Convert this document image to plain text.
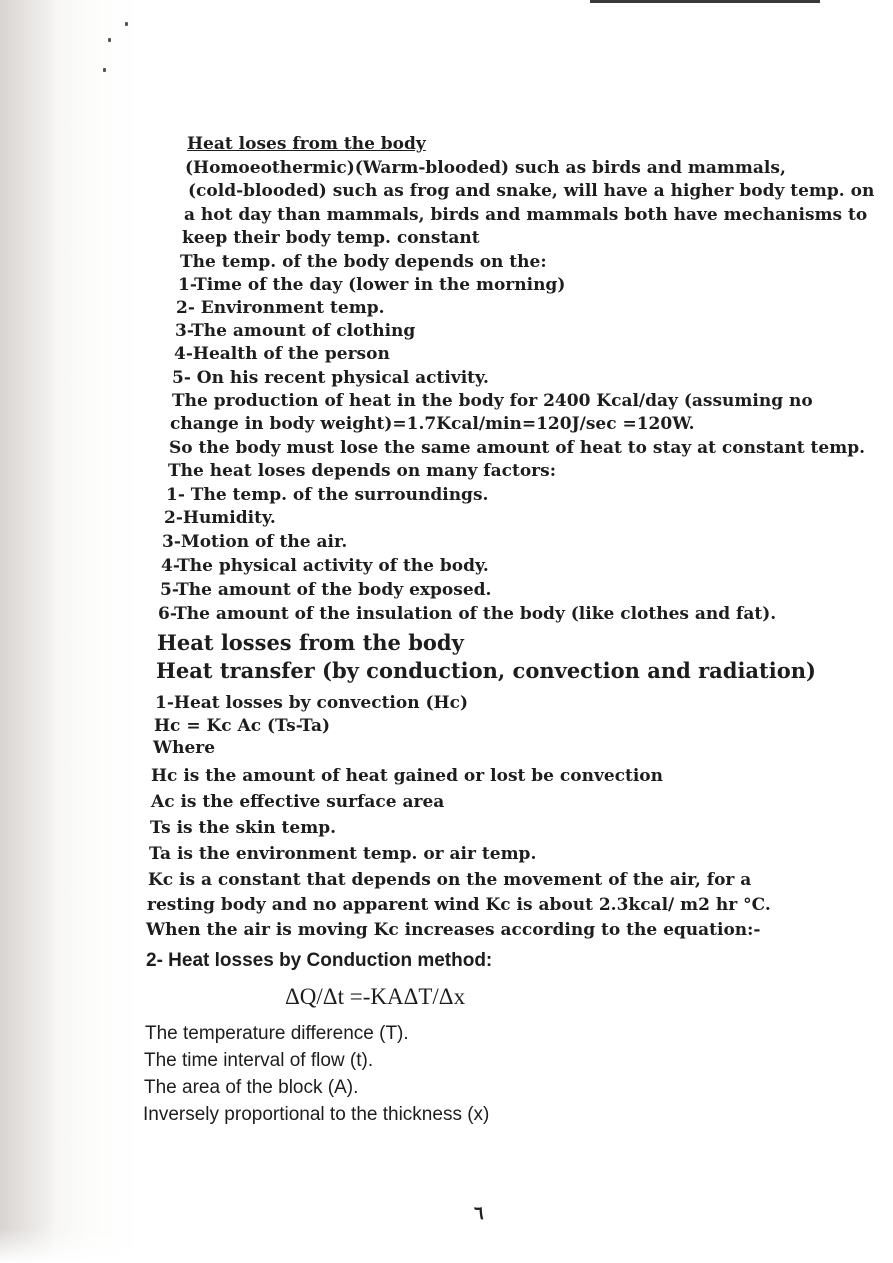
Heat loses from the body
(Homoeothermic)(Warm-blooded) such as birds and mammals,
(cold-blooded) such as frog and snake, will have a higher body temp. on
a hot day than mammals, birds and mammals both have mechanisms to
keep their body temp. constant
The temp. of the body depends on the:
1-Time of the day (lower in the morning)
2- Environment temp.
3-The amount of clothing
4-Health of the person
5- On his recent physical activity.
The production of heat in the body for 2400 Kcal/day (assuming no
change in body weight)=1.7Kcal/min=120J/sec =120W.
So the body must lose the same amount of heat to stay at constant temp.
The heat loses depends on many factors:
1- The temp. of the surroundings.
2-Humidity.
3-Motion of the air.
4-The physical activity of the body.
5-The amount of the body exposed.
6-The amount of the insulation of the body (like clothes and fat).
Heat losses from the body
Heat transfer (by conduction, convection and radiation)
1-Heat losses by convection (Hc)
Hc = Kc Ac (Ts-Ta)
Where
Hc is the amount of heat gained or lost be convection
Ac is the effective surface area
Ts is the skin temp.
Ta is the environment temp. or air temp.
Kc is a constant that depends on the movement of the air, for a
resting body and no apparent wind Kc is about 2.3kcal/ m2 hr °C.
When the air is moving Kc increases according to the equation:-
2- Heat losses by Conduction method:
ΔQ/Δt =-KAΔT/Δx
The temperature difference (T).
The time interval of flow (t).
The area of the block (A).
Inversely proportional to the thickness (x)
٦
